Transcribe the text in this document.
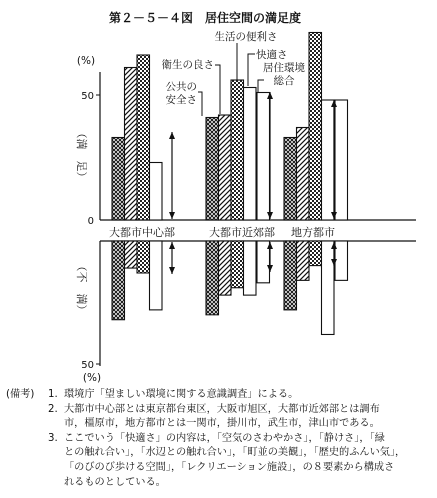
第２－５－４図　居住空間の満足度
(%)
(%)
（満　足）
（不　満）
50
0
50
大都市中心部	大都市近郊部 地方都市
公共の安全さ
衛生の良さ
生活の便利さ
快適さ
居住環境総合
(備考) 1. 環境庁「望ましい環境に関する意識調査」による。
2. 大都市中心部とは東京都台東区，大阪市旭区，大都市近郊部とは調布
市，橿原市，地方都市とは一関市，掛川市，武生市，津山市である。
3. ここでいう「快適さ」の内容は，「空気のさわやかさ」，「静けさ」，「緑
との触れ合い」，「水辺との触れ合い」，「町並の美観」，「歴史的ふんい気」，
「のびのび歩ける空間」，「レクリエーション施設」，の８要素から構成さ
れるものとしている。
